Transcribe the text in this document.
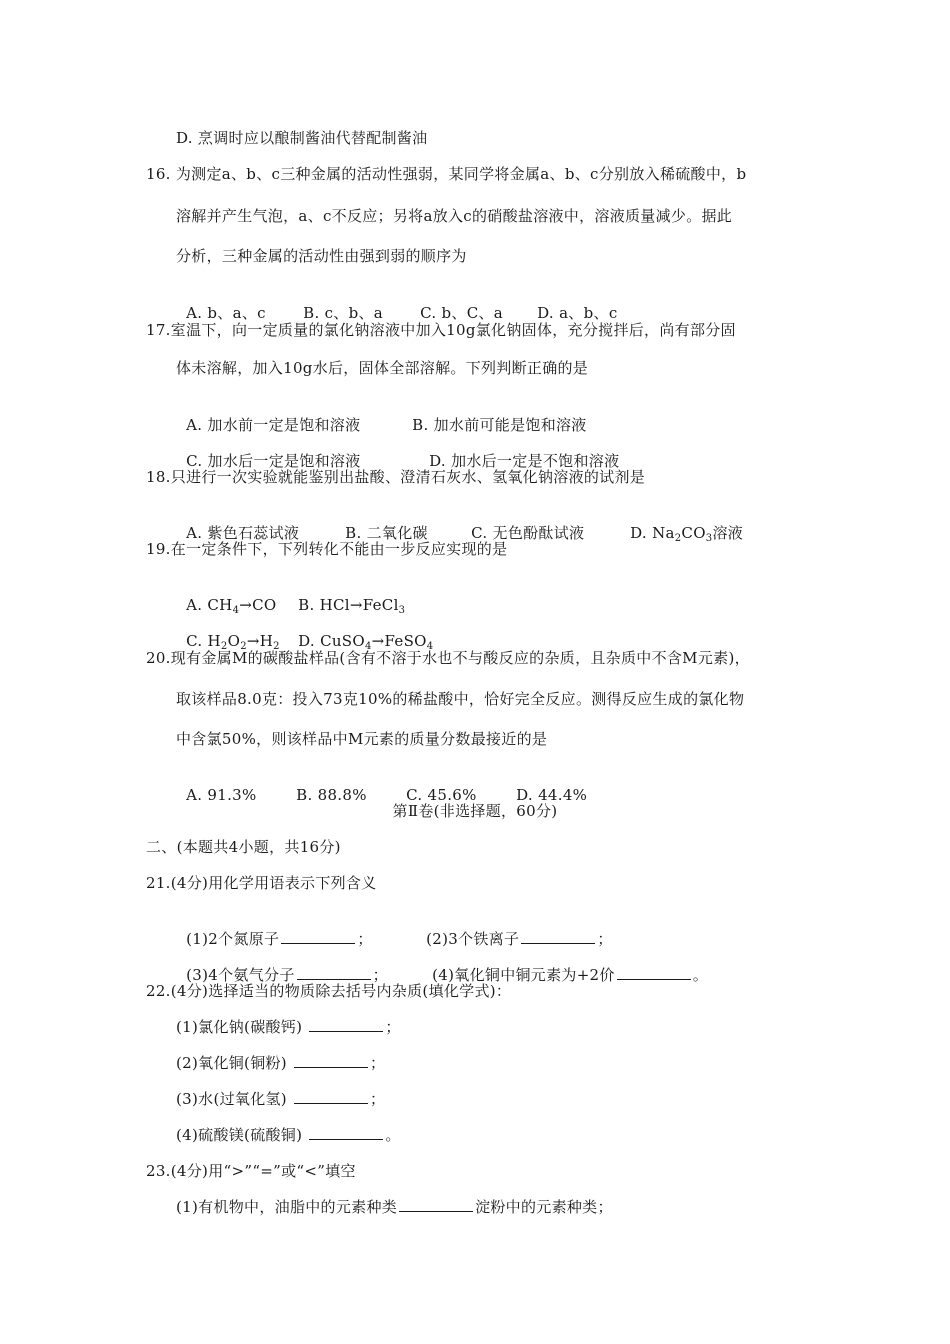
D. 烹调时应以酿制酱油代替配制酱油
16. 为测定a、b、c三种金属的活动性强弱，某同学将金属a、b、c分别放入稀硫酸中，b
溶解并产生气泡，a、c不反应；另将a放入c的硝酸盐溶液中，溶液质量减少。据此
分析，三种金属的活动性由强到弱的顺序为

A. b、a、c B. c、b、a C. b、C、a D. a、b、c

17.室温下，向一定质量的氯化钠溶液中加入10g氯化钠固体，充分搅拌后，尚有部分固
体未溶解，加入10g水后，固体全部溶解。下列判断正确的是

A. 加水前一定是饱和溶液	B. 加水前可能是饱和溶液

C. 加水后一定是饱和溶液	D. 加水后一定是不饱和溶液

18.只进行一次实验就能鉴别出盐酸、澄清石灰水、氢氧化钠溶液的试剂是

A. 紫色石蕊试液	B. 二氧化碳	C. 无色酚酞试液	D. $Na_2CO_3$溶液

19.在一定条件下，下列转化不能由一步反应实现的是

A. $CH_4\to CO$ B. HCl→FeCl$_3$

C. $H_2O_2\to H_2$ D. CuSO$_4$→FeSO$_4$

20.现有金属M的碳酸盐样品(含有不溶于水也不与酸反应的杂质，且杂质中不含M元素)，
取该样品8.0克：投入73克10%的稀盐酸中，恰好完全反应。测得反应生成的氯化物
中含氯50%，则该样品中M元素的质量分数最接近的是

A. 91.3%	B. 88.8%	C. 45.6%	D. 44.4%

第Ⅱ卷(非选择题，60分)
二、(本题共4小题，共16分)
21.(4分)用化学用语表示下列含义

(1)2个氮原子	；	(2)3个铁离子	；

(3)4个氨气分子	；	(4)氧化铜中铜元素为+2价	。

22.(4分)选择适当的物质除去括号内杂质(填化学式)：
(1)氯化钠(碳酸钙)	；
(2)氧化铜(铜粉)	；
(3)水(过氧化氢)	；
(4)硫酸镁(硫酸铜)	。
23.(4分)用“>”“=”或“<”填空
(1)有机物中，油脂中的元素种类	淀粉中的元素种类；
